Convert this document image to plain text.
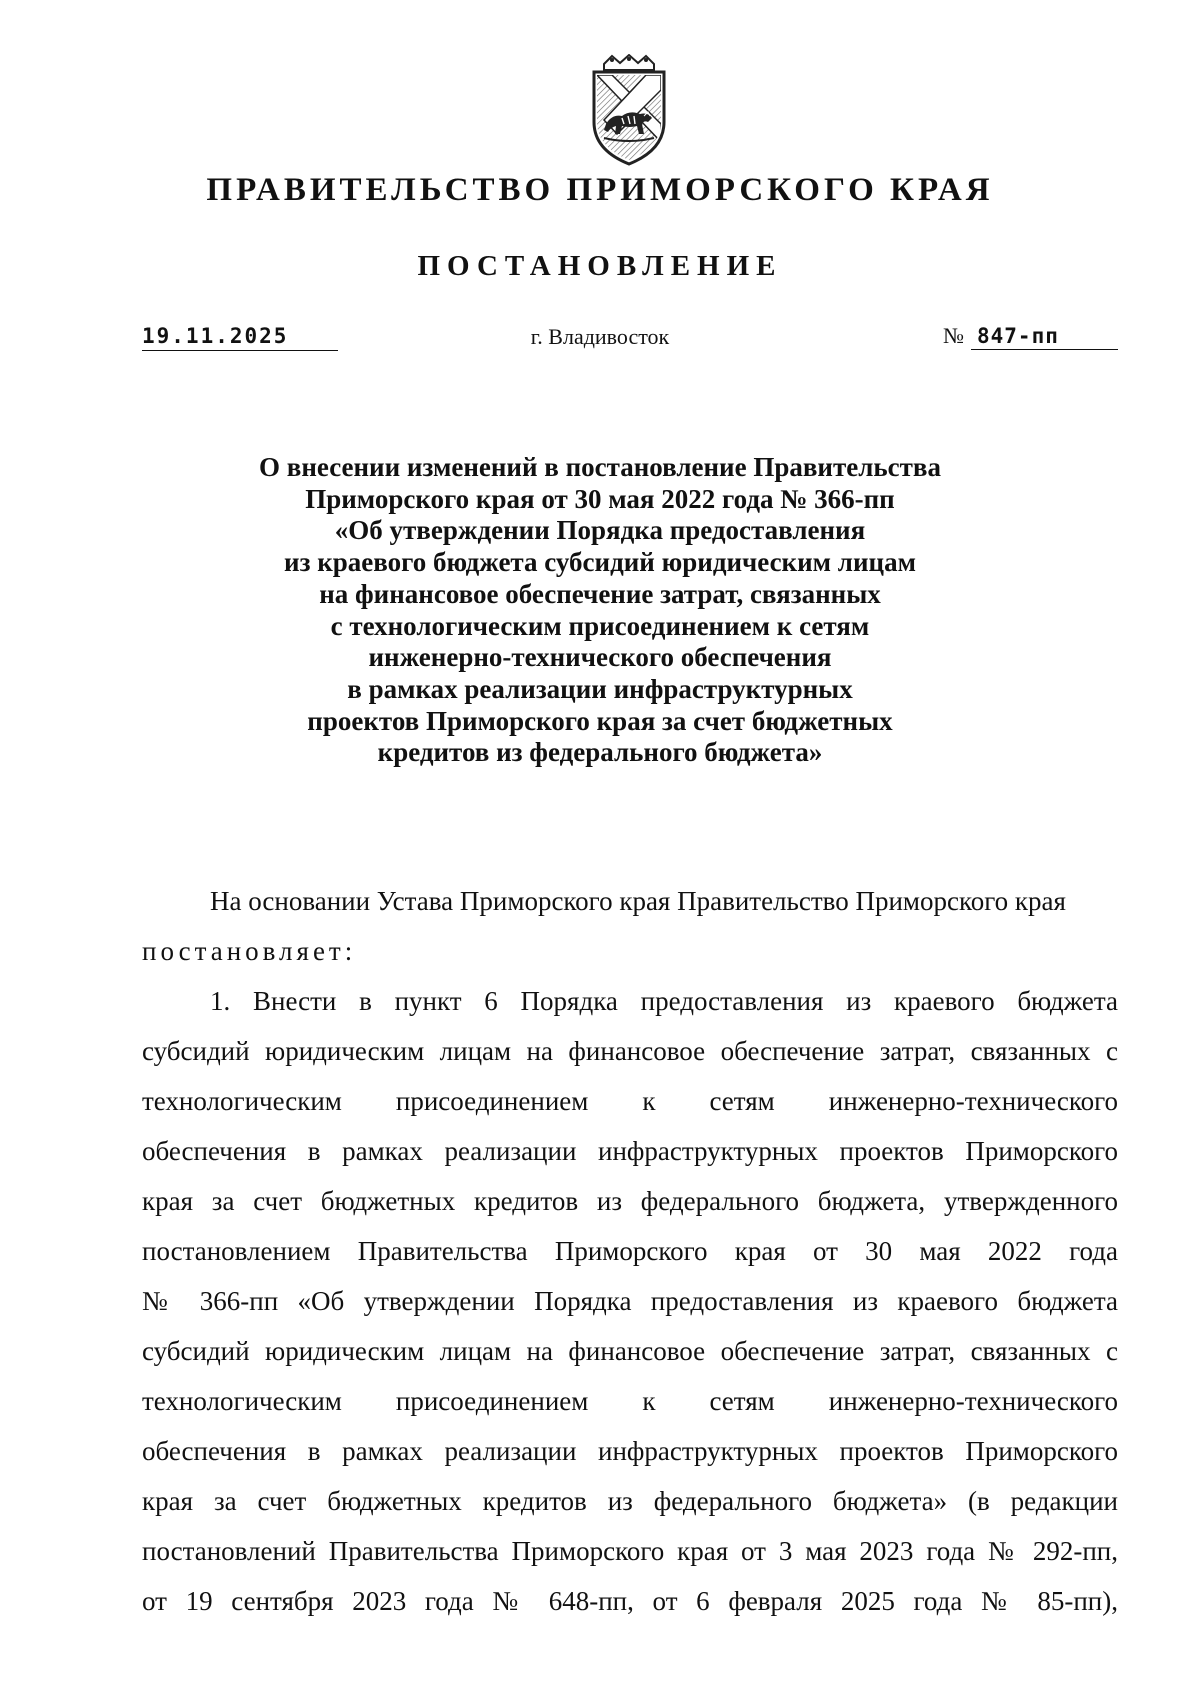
ПРАВИТЕЛЬСТВО ПРИМОРСКОГО КРАЯ
ПОСТАНОВЛЕНИЕ
19.11.2025	г. Владивосток	№ 847-пп
О внесении изменений в постановление Правительства
Приморского края от 30 мая 2022 года № 366-пп
«Об утверждении Порядка предоставления
из краевого бюджета субсидий юридическим лицам
на финансовое обеспечение затрат, связанных
с технологическим присоединением к сетям
инженерно-технического обеспечения
в рамках реализации инфраструктурных
проектов Приморского края за счет бюджетных
кредитов из федерального бюджета»
На основании Устава Приморского края Правительство Приморского края
постановляет:
1. Внести в пункт 6 Порядка предоставления из краевого бюджета
субсидий юридическим лицам на финансовое обеспечение затрат, связанных с
технологическим присоединением к сетям инженерно-технического
обеспечения в рамках реализации инфраструктурных проектов Приморского
края за счет бюджетных кредитов из федерального бюджета, утвержденного
постановлением Правительства Приморского края от 30 мая 2022 года
№ 366-пп «Об утверждении Порядка предоставления из краевого бюджета
субсидий юридическим лицам на финансовое обеспечение затрат, связанных с
технологическим присоединением к сетям инженерно-технического
обеспечения в рамках реализации инфраструктурных проектов Приморского
края за счет бюджетных кредитов из федерального бюджета» (в редакции
постановлений Правительства Приморского края от 3 мая 2023 года № 292-пп,
от 19 сентября 2023 года № 648-пп, от 6 февраля 2025 года № 85-пп),
